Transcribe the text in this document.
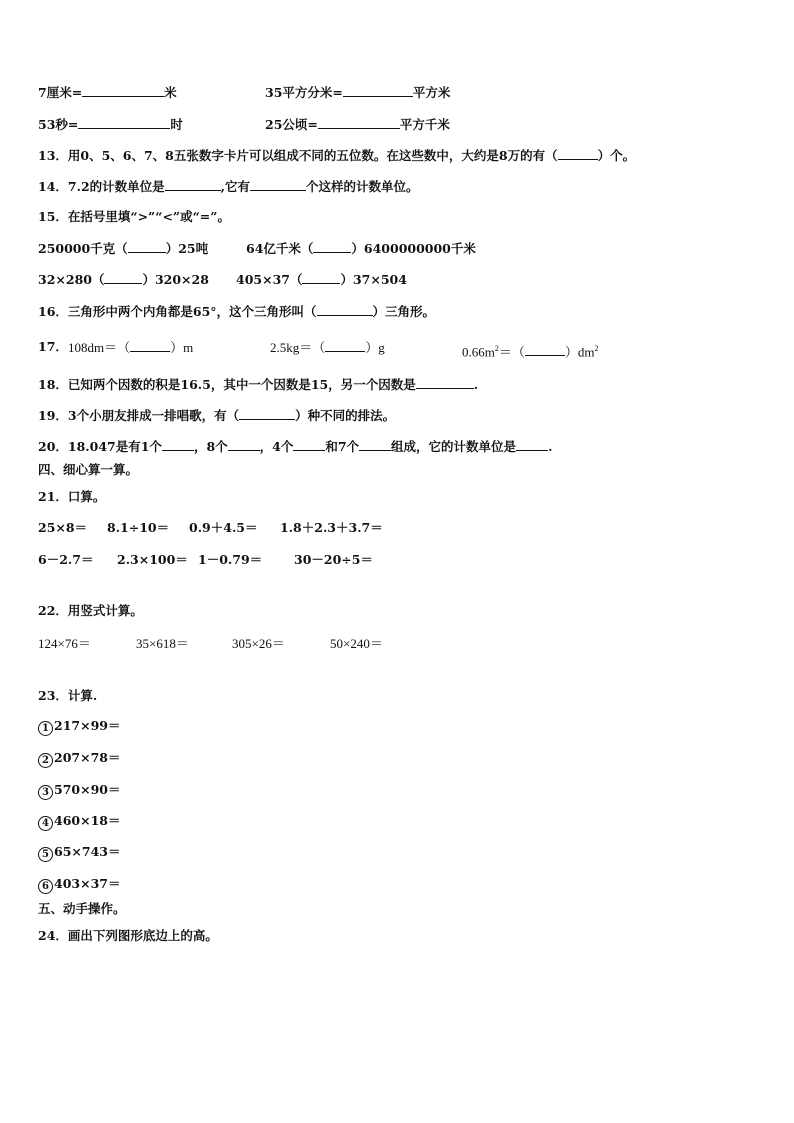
7厘米=	米	35平方分米=	平方米
53秒=	时	25公顷=	平方千米
13．用0、5、6、7、8五张数字卡片可以组成不同的五位数。在这些数中，大约是8万的有（	）个。
14．7.2的计数单位是	,它有	个这样的计数单位。
15．在括号里填“>”“<”或“=”。
250000千克（	）25吨	64亿千米（	）6400000000千米
32×280（	）320×28 405×37（	）37×504
16．三角形中两个内角都是65°，这个三角形叫（	）三角形。
17． 108dm＝（	）m	2.5kg＝（	）g	$0.66m^2=$（	）$dm^2$
18．已知两个因数的积是16.5，其中一个因数是15，另一个因数是	.
19．3个小朋友排成一排唱歌，有（	）种不同的排法。
20．18.047是有1个	，8个	，4个	和7个	组成，它的计数单位是	.
四、细心算一算。
21．口算。
25×8＝ 8.1÷10＝ 0.9＋4.5＝ 1.8＋2.3＋3.7＝
6－2.7＝ 2.3×100＝ 1－0.79＝	30－20÷5＝
22．用竖式计算。
124×76＝	35×618＝	305×26＝	50×240＝
23．计算.
1 217×99＝
2 207×78＝
3 570×90＝
4 460×18＝
5 65×743＝
6 403×37＝
五、动手操作。
24．画出下列图形底边上的高。
